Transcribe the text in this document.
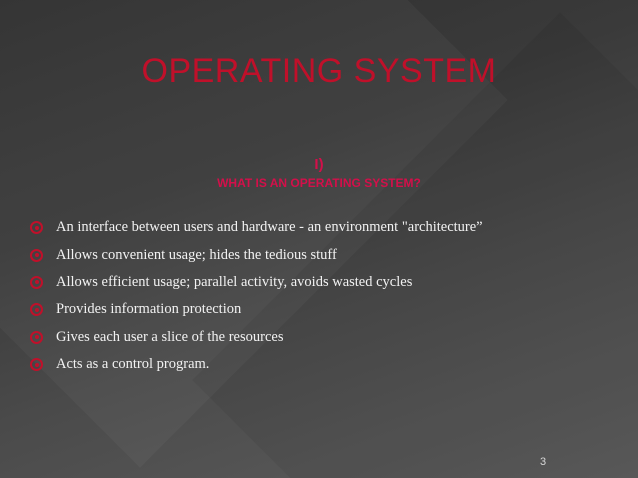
OPERATING SYSTEM
I)
WHAT IS AN OPERATING SYSTEM?
An interface between users and hardware - an environment "architecture”
Allows convenient usage; hides the tedious stuff
Allows efficient usage; parallel activity, avoids wasted cycles
Provides information protection
Gives each user a slice of the resources
Acts as a control program.
3
